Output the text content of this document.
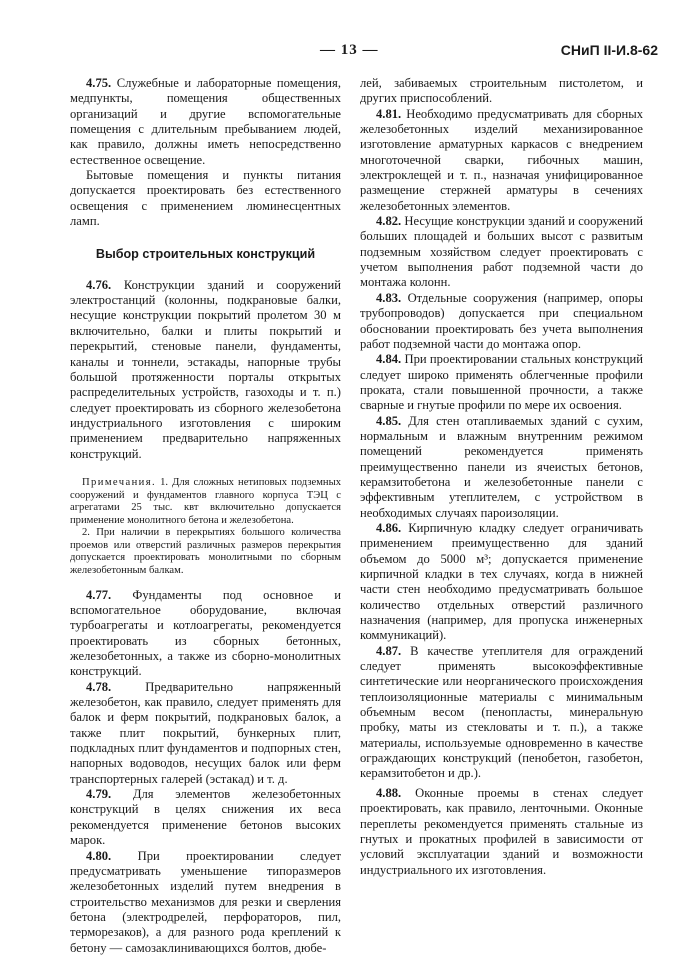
— 13 —	СНиП II-И.8-62

4.75. Служебные и лабораторные помещения, медпункты, помещения общественных организаций и другие вспомогательные помещения с длительным пребыванием людей, как правило, должны иметь непосредственно естественное освещение.

Бытовые помещения и пункты питания допускается проектировать без естественного освещения с применением люминесцентных ламп.

Выбор строительных конструкций

4.76. Конструкции зданий и сооружений электростанций (колонны, подкрановые балки, несущие конструкции покрытий пролетом 30 м включительно, балки и плиты покрытий и перекрытий, стеновые панели, фундаменты, каналы и тоннели, эстакады, напорные трубы большой протяженности порталы открытых распределительных устройств, газоходы и т. п.) следует проектировать из сборного железобетона индустриального изготовления с широким применением предварительно напряженных конструкций.

Примечания. 1. Для сложных нетиповых подземных сооружений и фундаментов главного корпуса ТЭЦ с агрегатами 25 тыс. квт включительно допускается применение монолитного бетона и железобетона.

2. При наличии в перекрытиях большого количества проемов или отверстий различных размеров перекрытия допускается проектировать монолитными по сборным железобетонным балкам.

4.77. Фундаменты под основное и вспомогательное оборудование, включая турбоагрегаты и котлоагрегаты, рекомендуется проектировать из сборных бетонных, железобетонных, а также из сборно-монолитных конструкций.

4.78.	Предварительно напряженный железобетон, как правило, следует применять для балок и ферм покрытий, подкрановых балок, а также плит покрытий, бункерных плит, подкладных плит фундаментов и подпорных стен, напорных водоводов, несущих балок или ферм транспортерных галерей (эстакад) и т. д.

4.79. Для элементов железобетонных конструкций в целях снижения их веса рекомендуется применение бетонов высоких марок.

4.80. При проектировании следует предусматривать уменьшение типоразмеров железобетонных изделий путем внедрения в строительство механизмов для резки и сверления бетона (электродрелей, перфораторов, пил, терморезаков), а для разного рода креплений к бетону — самозаклинивающихся болтов, дюбе-

лей, забиваемых строительным пистолетом, и других приспособлений.

4.81. Необходимо предусматривать для сборных железобетонных изделий механизированное изготовление арматурных каркасов с внедрением многоточечной сварки, гибочных машин, электроклещей и т. п., назначая унифицированное размещение стержней арматуры в сечениях железобетонных элементов.

4.82. Несущие конструкции зданий и сооружений больших площадей и больших высот с развитым подземным хозяйством следует проектировать с учетом выполнения работ подземной части до монтажа колонн.

4.83. Отдельные сооружения (например, опоры трубопроводов) допускается при специальном обосновании проектировать без учета выполнения работ подземной части до монтажа опор.

4.84. При проектировании стальных конструкций следует широко применять облегченные профили проката, стали повышенной прочности, а также сварные и гнутые профили по мере их освоения.

4.85. Для стен отапливаемых зданий с сухим, нормальным и влажным внутренним режимом помещений рекомендуется применять преимущественно панели из ячеистых бетонов, керамзитобетона и железобетонные панели с эффективным утеплителем, с устройством в необходимых случаях пароизоляции.

4.86. Кирпичную кладку следует ограничивать применением преимущественно для зданий объемом до 5000 м³; допускается применение кирпичной кладки в тех случаях, когда в нижней части стен необходимо предусматривать большое количество отдельных отверстий различного назначения (например, для пропуска инженерных коммуникаций).

4.87. В качестве утеплителя для ограждений следует применять высокоэффективные синтетические или неорганического происхождения теплоизоляционные материалы с минимальным объемным весом (пенопласты, минеральную пробку, маты из стекловаты и т. п.), а также материалы, используемые одновременно в качестве ограждающих конструкций (пенобетон, газобетон, керамзитобетон и др.).

4.88. Оконные проемы в стенах следует проектировать, как правило, ленточными. Оконные переплеты рекомендуется применять стальные из гнутых и прокатных профилей в зависимости от условий эксплуатации зданий и возможности индустриального их изготовления.
